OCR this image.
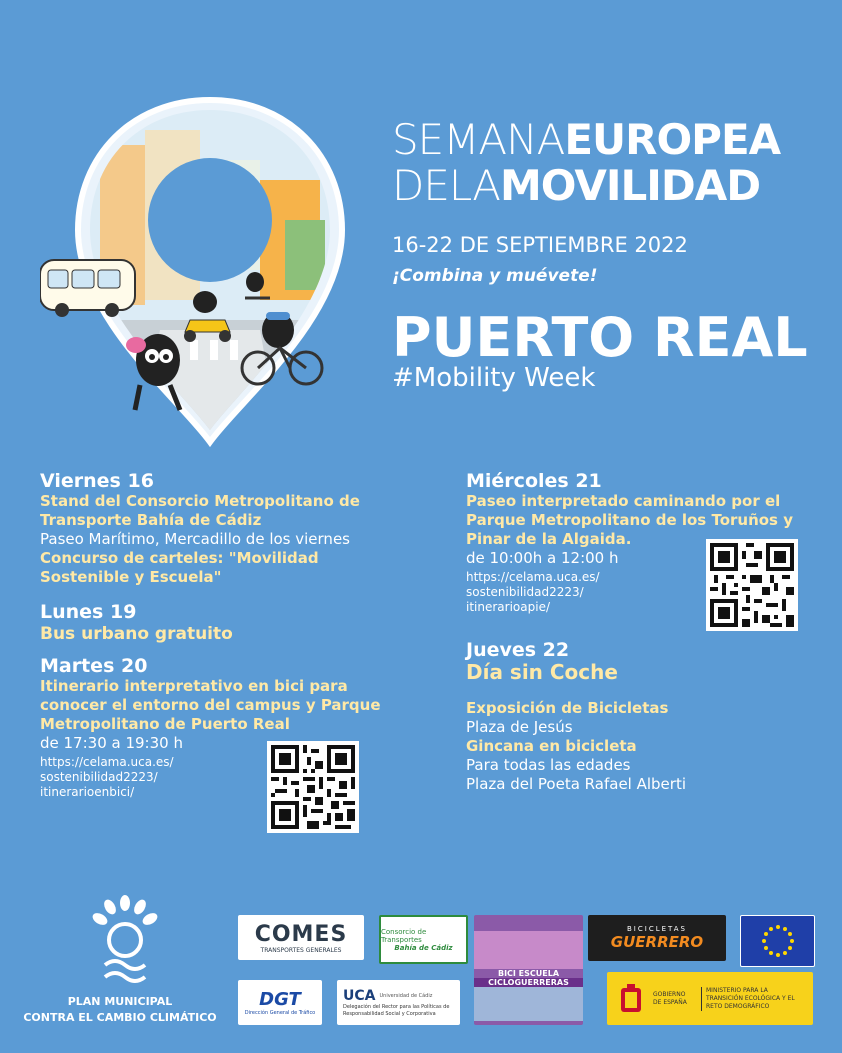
SEMANAEUROPEA
DELAMOVILIDAD
16-22 DE SEPTIEMBRE 2022
¡Combina y muévete!
PUERTO REAL
#Mobility Week
Viernes 16
Stand del Consorcio Metropolitano de Transporte Bahía de Cádiz
Paseo Marítimo, Mercadillo de los viernes
Concurso de carteles: "Movilidad Sostenible y Escuela"
Lunes 19
Bus urbano gratuito
Martes 20
Itinerario interpretativo en bici para conocer el entorno del campus y Parque Metropolitano de Puerto Real
de 17:30 a 19:30 h
https://celama.uca.es/
sostenibilidad2223/
itinerarioenbici/
Miércoles 21
Paseo interpretado caminando por el Parque Metropolitano de los Toruños y Pinar de la Algaida.
de 10:00h a 12:00 h
https://celama.uca.es/
sostenibilidad2223/
itinerarioapie/
Jueves 22
Día sin Coche
Exposición de Bicicletas
Plaza de Jesús
Gincana en bicicleta
Para todas las edades
Plaza del Poeta Rafael Alberti
PLAN MUNICIPAL
CONTRA EL CAMBIO CLIMÁTICO
COMES
TRANSPORTES GENERALES
Consorcio de Transportes
Bahía de Cádiz
BICI ESCUELA
CICLOGUERRERAS
BICICLETAS
GUERRERO
DGT
Dirección General de Tráfico
UCA Universidad de Cádiz
Delegación del Rector para las Políticas de Responsabilidad Social y Corporativa
GOBIERNO DE ESPAÑA
MINISTERIO PARA LA TRANSICIÓN ECOLÓGICA Y EL RETO DEMOGRÁFICO
